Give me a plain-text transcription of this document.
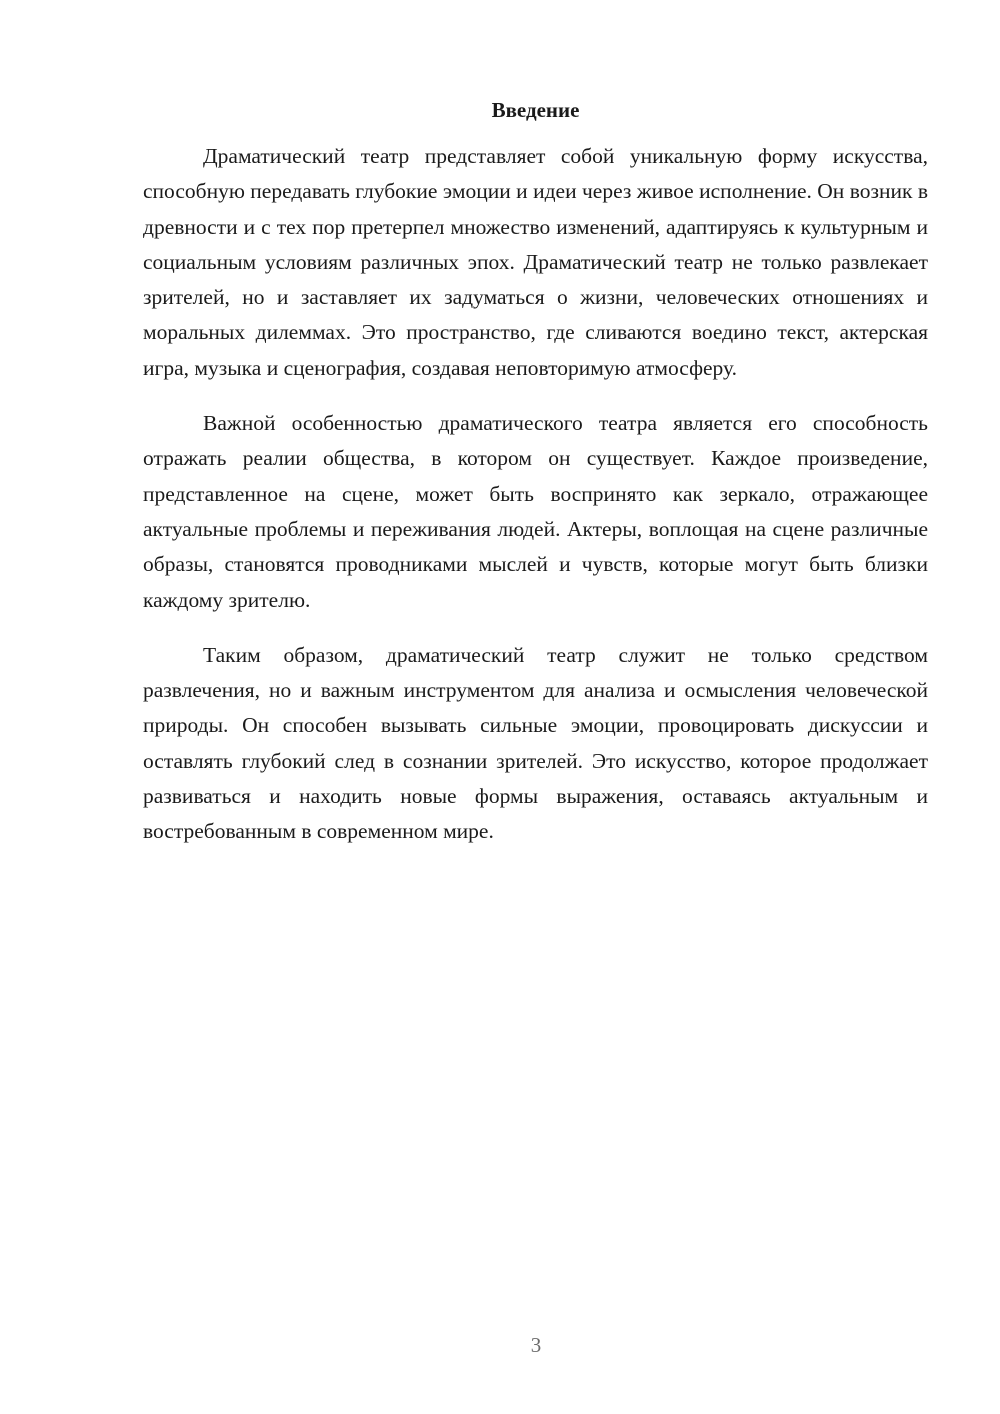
Введение

Драматический театр представляет собой уникальную форму искусства, способную передавать глубокие эмоции и идеи через живое исполнение. Он возник в древности и с тех пор претерпел множество изменений, адаптируясь к культурным и социальным условиям различных эпох. Драматический театр не только развлекает зрителей, но и заставляет их задуматься о жизни, человеческих отношениях и моральных дилеммах. Это пространство, где сливаются воедино текст, актерская игра, музыка и сценография, создавая неповторимую атмосферу.

Важной особенностью драматического театра является его способность отражать реалии общества, в котором он существует. Каждое произведение, представленное на сцене, может быть воспринято как зеркало, отражающее актуальные проблемы и переживания людей. Актеры, воплощая на сцене различные образы, становятся проводниками мыслей и чувств, которые могут быть близки каждому зрителю.

Таким образом, драматический театр служит не только средством развлечения, но и важным инструментом для анализа и осмысления человеческой природы. Он способен вызывать сильные эмоции, провоцировать дискуссии и оставлять глубокий след в сознании зрителей. Это искусство, которое продолжает развиваться и находить новые формы выражения, оставаясь актуальным и востребованным в современном мире.

3
